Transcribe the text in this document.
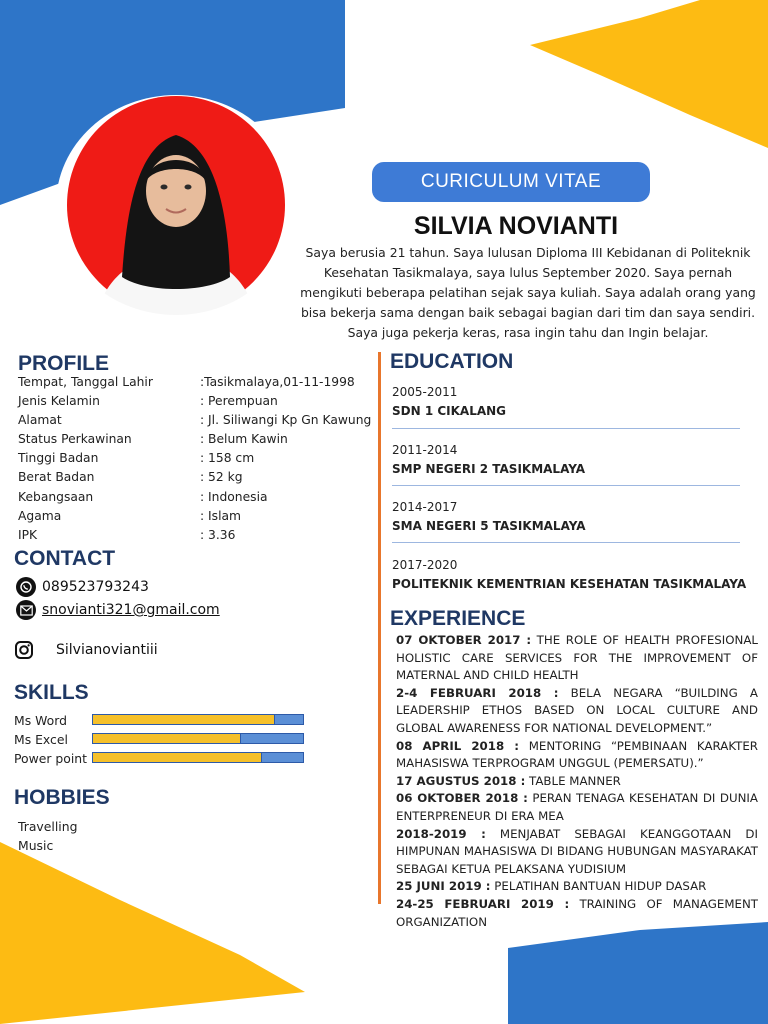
CURICULUM VITAE
SILVIA NOVIANTI
Saya berusia 21 tahun. Saya lulusan Diploma III Kebidanan di Politeknik Kesehatan Tasikmalaya, saya lulus September 2020. Saya pernah mengikuti beberapa pelatihan sejak saya kuliah. Saya adalah orang yang bisa bekerja sama dengan baik sebagai bagian dari tim dan saya sendiri. Saya juga pekerja keras, rasa ingin tahu dan Ingin belajar.
PROFILE
Tempat, Tanggal Lahir	:Tasikmalaya,01-11-1998
Jenis Kelamin	: Perempuan
Alamat	: Jl. Siliwangi Kp Gn Kawung
Status Perkawinan	: Belum Kawin
Tinggi Badan	: 158 cm
Berat Badan	: 52 kg
Kebangsaan	: Indonesia
Agama	: Islam
IPK	: 3.36
CONTACT
089523793243
snovianti321@gmail.com
Silvianoviantiii
SKILLS
Ms Word
Ms Excel
Power point
HOBBIES
Travelling
Music
EDUCATION
2005-2011
SDN 1 CIKALANG
2011-2014
SMP NEGERI 2 TASIKMALAYA
2014-2017
SMA NEGERI 5 TASIKMALAYA
2017-2020
POLITEKNIK KEMENTRIAN KESEHATAN TASIKMALAYA
EXPERIENCE

07 OKTOBER 2017 : THE ROLE OF HEALTH PROFESIONAL HOLISTIC CARE SERVICES FOR THE IMPROVEMENT OF MATERNAL AND CHILD HEALTH

2-4 FEBRUARI 2018 : BELA NEGARA “BUILDING A LEADERSHIP ETHOS BASED ON LOCAL CULTURE AND GLOBAL AWARENESS FOR NATIONAL DEVELOPMENT.”

08 APRIL 2018 : MENTORING “PEMBINAAN KARAKTER MAHASISWA TERPROGRAM UNGGUL (PEMERSATU).”

17 AGUSTUS 2018 : TABLE MANNER

06 OKTOBER 2018 : PERAN TENAGA KESEHATAN DI DUNIA ENTERPRENEUR DI ERA MEA

2018-2019 : MENJABAT SEBAGAI KEANGGOTAAN DI HIMPUNAN MAHASISWA DI BIDANG HUBUNGAN MASYARAKAT SEBAGAI KETUA PELAKSANA YUDISIUM

25 JUNI 2019 : PELATIHAN BANTUAN HIDUP DASAR

24-25 FEBRUARI 2019 : TRAINING OF MANAGEMENT ORGANIZATION
